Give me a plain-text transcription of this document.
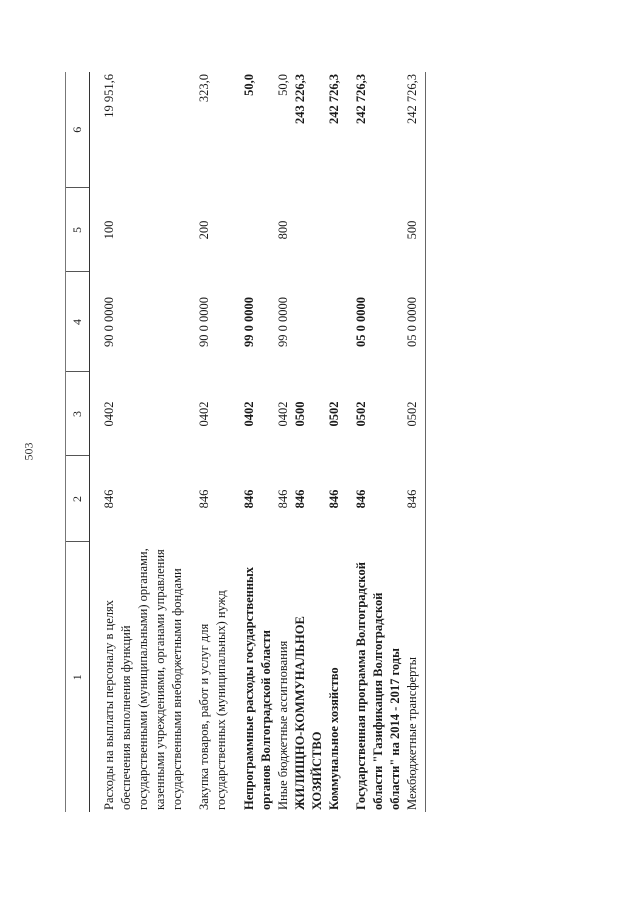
503
1	2	3	4	5	6

Расходы на выплаты персоналу в целях обеспечения выполнения функций государственными (муниципальными) органами, казенными учреждениями, органами управления государственными внебюджетными фондами	846	0402	90 0 0000	100	19 951,6

Закупка товаров, работ и услуг для государственных (муниципальных) нужд	846	0402	90 0 0000	200	323,0

Непрограммные расходы государственных органов Волгоградской области	846	0402	99 0 0000		50,0
Иные бюджетные ассигнования	846	0402	99 0 0000	800	50,0
ЖИЛИЩНО-КОММУНАЛЬНОЕ ХОЗЯЙСТВО	846	0500			243 226,3
Коммунальное хозяйство	846	0502			242 726,3

Государственная программа Волгоградской области "Газификация Волгоградской области" на 2014 - 2017 годы	846	0502	05 0 0000		242 726,3
Межбюджетные трансферты	846	0502	05 0 0000	500	242 726,3
